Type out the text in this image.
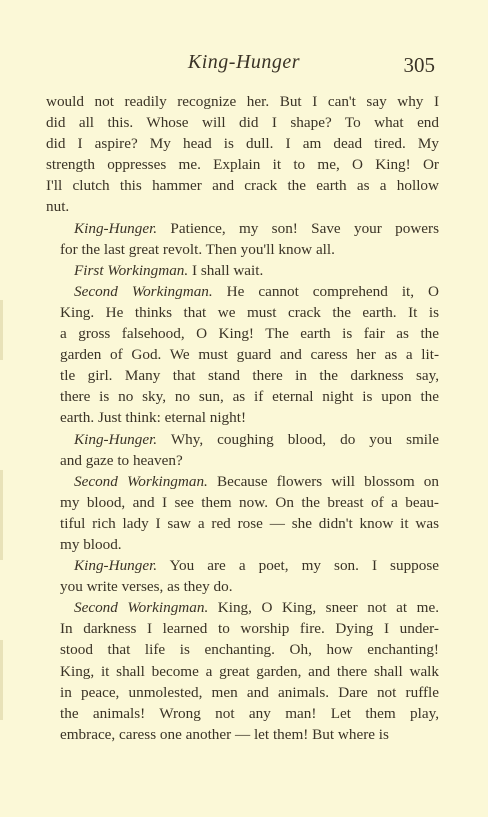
King-Hunger	305
would not readily recognize her. But I can't say why I
did all this. Whose will did I shape? To what end
did I aspire? My head is dull. I am dead tired. My
strength oppresses me. Explain it to me, O King! Or
I'll clutch this hammer and crack the earth as a hollow
nut.
King-Hunger. Patience, my son! Save your powers
for the last great revolt. Then you'll know all.
First Workingman. I shall wait.
Second Workingman. He cannot comprehend it, O
King. He thinks that we must crack the earth. It is
a gross falsehood, O King! The earth is fair as the
garden of God. We must guard and caress her as a lit-
tle girl. Many that stand there in the darkness say,
there is no sky, no sun, as if eternal night is upon the
earth. Just think: eternal night!
King-Hunger. Why, coughing blood, do you smile
and gaze to heaven?
Second Workingman. Because flowers will blossom on
my blood, and I see them now. On the breast of a beau-
tiful rich lady I saw a red rose — she didn't know it was
my blood.
King-Hunger. You are a poet, my son. I suppose
you write verses, as they do.
Second Workingman. King, O King, sneer not at me.
In darkness I learned to worship fire. Dying I under-
stood that life is enchanting. Oh, how enchanting!
King, it shall become a great garden, and there shall walk
in peace, unmolested, men and animals. Dare not ruffle
the animals! Wrong not any man! Let them play,
embrace, caress one another — let them! But where is
